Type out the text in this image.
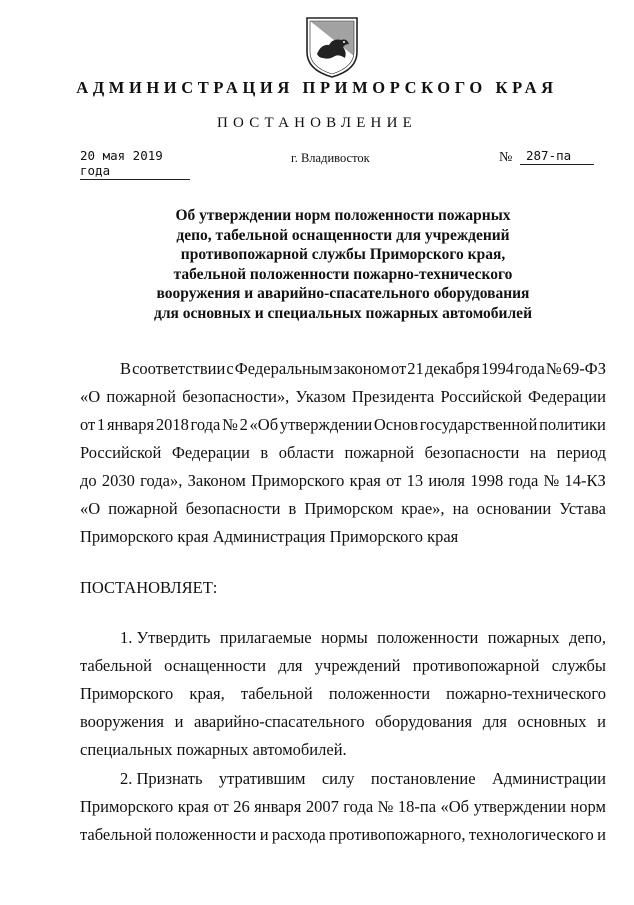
АДМИНИСТРАЦИЯ ПРИМОРСКОГО КРАЯ
ПОСТАНОВЛЕНИЕ
20 мая 2019 года
г. Владивосток	№	287-па
Об утверждении норм положенности пожарных
депо, табельной оснащенности для учреждений
противопожарной службы Приморского края,
табельной положенности пожарно-технического
вооружения и аварийно-спасательного оборудования
для основных и специальных пожарных автомобилей
В соответствии с Федеральным законом от 21 декабря 1994 года № 69-ФЗ
«О пожарной безопасности», Указом Президента Российской Федерации
от 1 января 2018 года № 2 «Об утверждении Основ государственной политики
Российской Федерации в области пожарной безопасности на период
до 2030 года», Законом Приморского края от 13 июля 1998 года № 14-КЗ
«О пожарной безопасности в Приморском крае», на основании Устава
Приморского края Администрация Приморского края
ПОСТАНОВЛЯЕТ:
1. Утвердить прилагаемые нормы положенности пожарных депо,
табельной оснащенности для учреждений противопожарной службы
Приморского края, табельной положенности пожарно-технического
вооружения и аварийно-спасательного оборудования для основных и
специальных пожарных автомобилей.
2. Признать утратившим силу постановление Администрации
Приморского края от 26 января 2007 года № 18-па «Об утверждении норм
табельной положенности и расхода противопожарного, технологического и
